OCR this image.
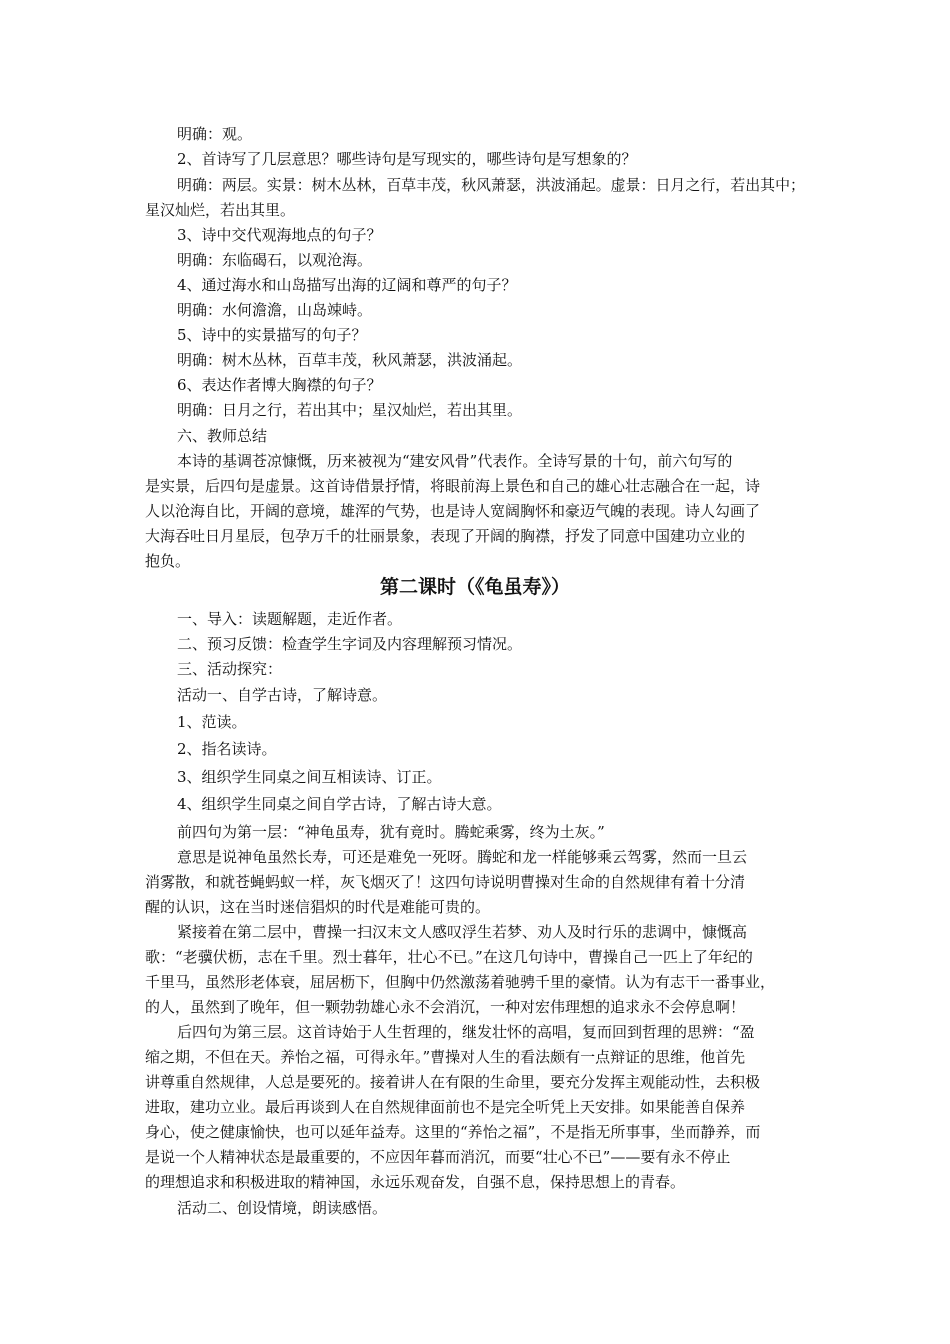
明确：观。
2、首诗写了几层意思？哪些诗句是写现实的，哪些诗句是写想象的？
明确：两层。实景：树木丛林，百草丰茂，秋风萧瑟，洪波涌起。虚景：日月之行，若出其中；
星汉灿烂，若出其里。
3、诗中交代观海地点的句子？
明确：东临碣石，以观沧海。
4、通过海水和山岛描写出海的辽阔和尊严的句子？
明确：水何澹澹，山岛竦峙。
5、诗中的实景描写的句子？
明确：树木丛林，百草丰茂，秋风萧瑟，洪波涌起。
6、表达作者博大胸襟的句子？
明确：日月之行，若出其中；星汉灿烂，若出其里。
六、教师总结
本诗的基调苍凉慷慨，历来被视为“建安风骨”代表作。全诗写景的十句，前六句写的
是实景，后四句是虚景。这首诗借景抒情，将眼前海上景色和自己的雄心壮志融合在一起，诗
人以沧海自比，开阔的意境，雄浑的气势，也是诗人宽阔胸怀和豪迈气魄的表现。诗人勾画了
大海吞吐日月星辰，包孕万千的壮丽景象，表现了开阔的胸襟，抒发了同意中国建功立业的
抱负。
第二课时（《龟虽寿》）
一、导入：读题解题，走近作者。
二、预习反馈：检查学生字词及内容理解预习情况。
三、活动探究：
活动一、自学古诗，了解诗意。
1、范读。
2、指名读诗。
3、组织学生同桌之间互相读诗、订正。
4、组织学生同桌之间自学古诗，了解古诗大意。
前四句为第一层：“神龟虽寿，犹有竟时。腾蛇乘雾，终为土灰。”
意思是说神龟虽然长寿，可还是难免一死呀。腾蛇和龙一样能够乘云驾雾，然而一旦云
消雾散，和就苍蝇蚂蚁一样，灰飞烟灭了！这四句诗说明曹操对生命的自然规律有着十分清
醒的认识，这在当时迷信猖炽的时代是难能可贵的。
紧接着在第二层中，曹操一扫汉末文人感叹浮生若梦、劝人及时行乐的悲调中，慷慨高
歌：“老骥伏枥，志在千里。烈士暮年，壮心不已。”在这几句诗中，曹操自己一匹上了年纪的
千里马，虽然形老体衰，屈居枥下，但胸中仍然激荡着驰骋千里的豪情。认为有志干一番事业，
的人，虽然到了晚年，但一颗勃勃雄心永不会消沉，一种对宏伟理想的追求永不会停息啊！
后四句为第三层。这首诗始于人生哲理的，继发壮怀的高唱，复而回到哲理的思辨：“盈
缩之期，不但在天。养怡之福，可得永年。”曹操对人生的看法颇有一点辩证的思维，他首先
讲尊重自然规律，人总是要死的。接着讲人在有限的生命里，要充分发挥主观能动性，去积极
进取，建功立业。最后再谈到人在自然规律面前也不是完全听凭上天安排。如果能善自保养
身心，使之健康愉快，也可以延年益寿。这里的“养怡之福”，不是指无所事事，坐而静养，而
是说一个人精神状态是最重要的，不应因年暮而消沉，而要“壮心不已”——要有永不停止
的理想追求和积极进取的精神国，永远乐观奋发，自强不息，保持思想上的青春。
活动二、创设情境，朗读感悟。
